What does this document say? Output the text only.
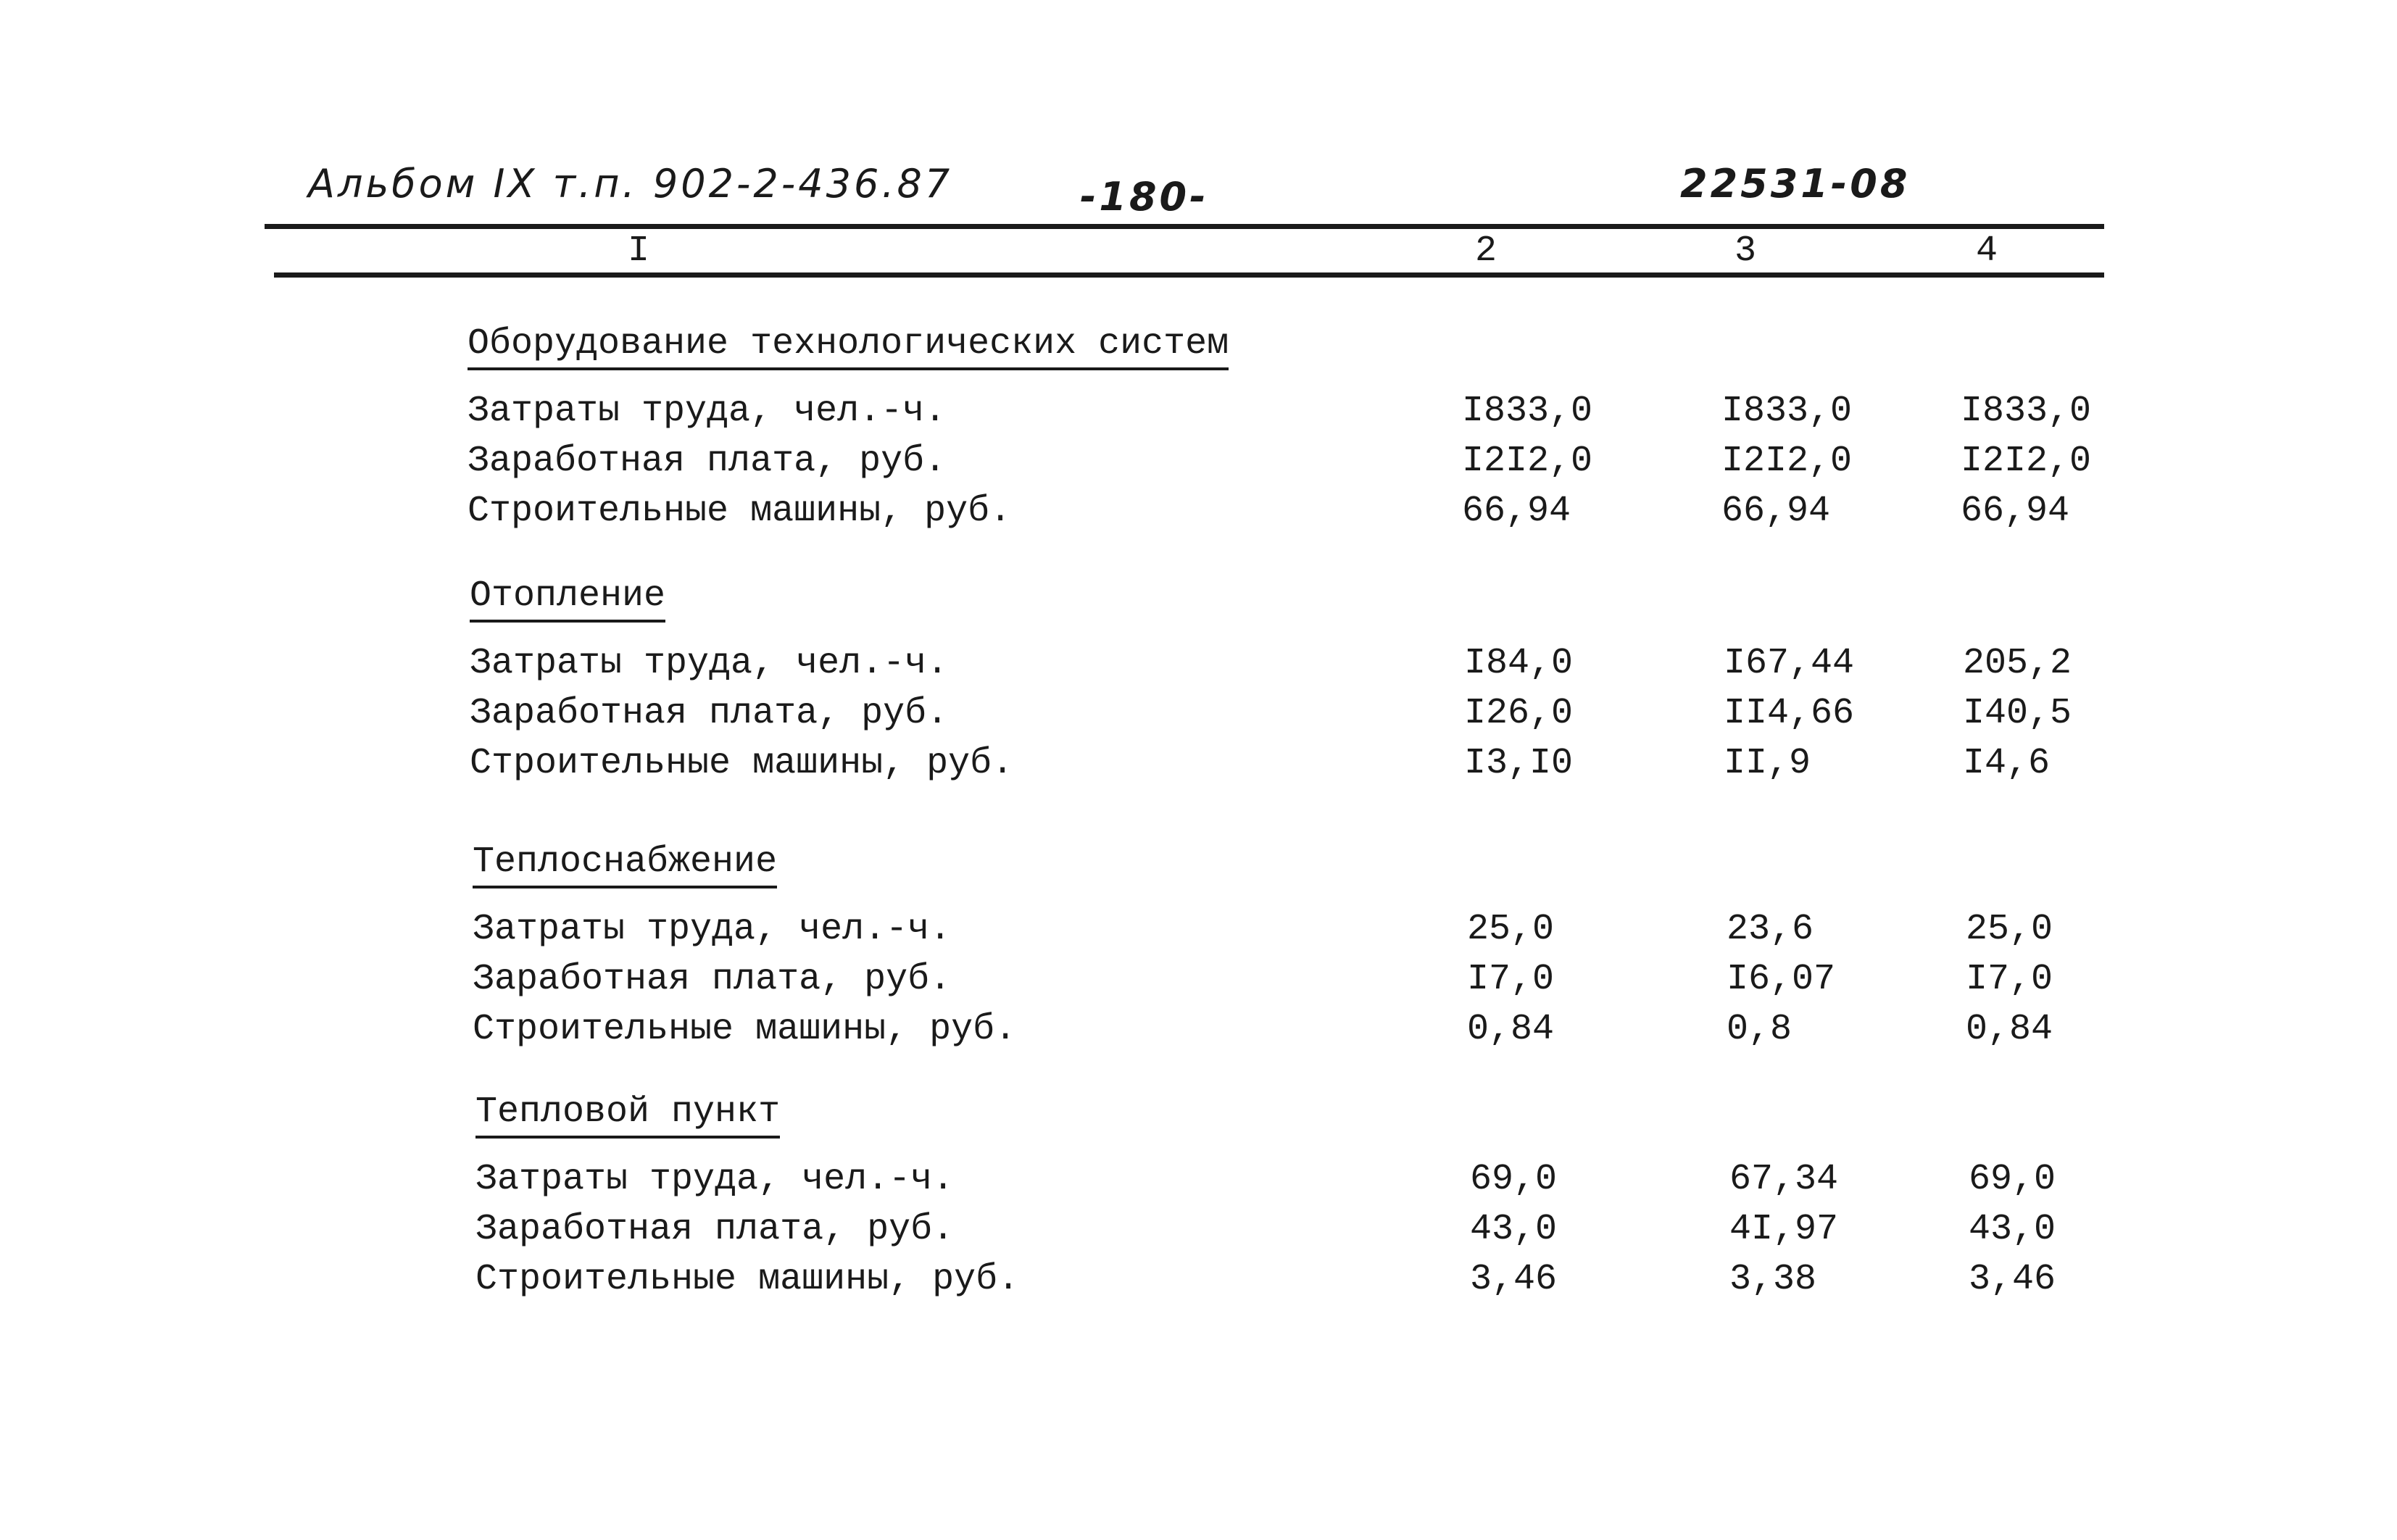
Альбом IX т.п. 902-2-436.87	-180-	22531-08
I	2	3	4
Оборудование технологических систем
Затраты труда, чел.-ч.	I833,0	I833,0	I833,0
Заработная плата, руб.	I2I2,0	I2I2,0	I2I2,0
Строительные машины, руб.	66,94	66,94	66,94
Отопление
Затраты труда, чел.-ч.	I84,0	I67,44	205,2
Заработная плата, руб.	I26,0	II4,66	I40,5
Строительные машины, руб.	I3,I0	II,9	I4,6
Теплоснабжение
Затраты труда, чел.-ч.	25,0	23,6	25,0
Заработная плата, руб.	I7,0	I6,07	I7,0
Строительные машины, руб.	0,84	0,8	0,84
Тепловой пункт
Затраты труда, чел.-ч.	69,0	67,34	69,0
Заработная плата, руб.	43,0	4I,97	43,0
Строительные машины, руб.	3,46	3,38	3,46
